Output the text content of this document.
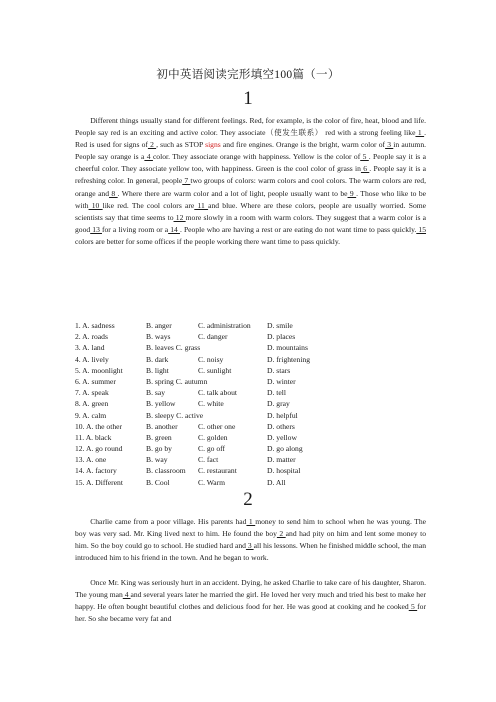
初中英语阅读完形填空100篇（一）
1

Different things usually stand for different feelings. Red, for example, is the color of fire, heat, blood and life. People say red is an exciting and active color. They associate（使发生联系） red with a strong feeling like 1 . Red is used for signs of 2 , such as STOP signs and fire engines. Orange is the bright, warm color of 3 in autumn. People say orange is a 4 color. They associate orange with happiness. Yellow is the color of 5 . People say it is a cheerful color. They associate yellow too, with happiness. Green is the cool color of grass in 6 . People say it is a refreshing color. In general, people 7 two groups of colors: warm colors and cool colors. The warm colors are red, orange and 8 . Where there are warm color and a lot of light, people usually want to be 9 . Those who like to be with 10 like red. The cool colors are 11 and blue. Where are these colors, people are usually worried. Some scientists say that time seems to 12 more slowly in a room with warm colors. They suggest that a warm color is a good 13 for a living room or a 14 . People who are having a rest or are eating do not want time to pass quickly. 15 colors are better for some offices if the people working there want time to pass quickly.

1. A. sadness	B. anger	C. administration D. smile
2. A. roads	B. ways	C. danger	D. places
3. A. land	B. leaves C. grass	D. mountains
4. A. lively	B. dark	C. noisy	D. frightening
5. A. moonlight	B. light	C. sunlight	D. stars
6. A. summer	B. spring C. autumn	D. winter
7. A. speak	B. say	C. talk about	D. tell
8. A. green	B. yellow	C. white	D. gray
9. A. calm	B. sleepy C. active	D. helpful
10. A. the other	B. another	C. other one	D. others
11. A. black	B. green	C. golden	D. yellow
12. A. go round	B. go by	C. go off	D. go along
13. A. one	B. way	C. fact	D. matter
14. A. factory	B. classroom C. restaurant	D. hospital
15. A. Different	B. Cool	C. Warm	D. All
2

Charlie came from a poor village. His parents had 1 money to send him to school when he was young. The boy was very sad. Mr. King lived next to him. He found the boy 2 and had pity on him and lent some money to him. So the boy could go to school. He studied hard and 3 all his lessons. When he finished middle school, the man introduced him to his friend in the town. And he began to work.

Once Mr. King was seriously hurt in an accident. Dying, he asked Charlie to take care of his daughter, Sharon. The young man 4 and several years later he married the girl. He loved her very much and tried his best to make her happy. He often bought beautiful clothes and delicious food for her. He was good at cooking and he cooked 5 for her. So she became very fat and
